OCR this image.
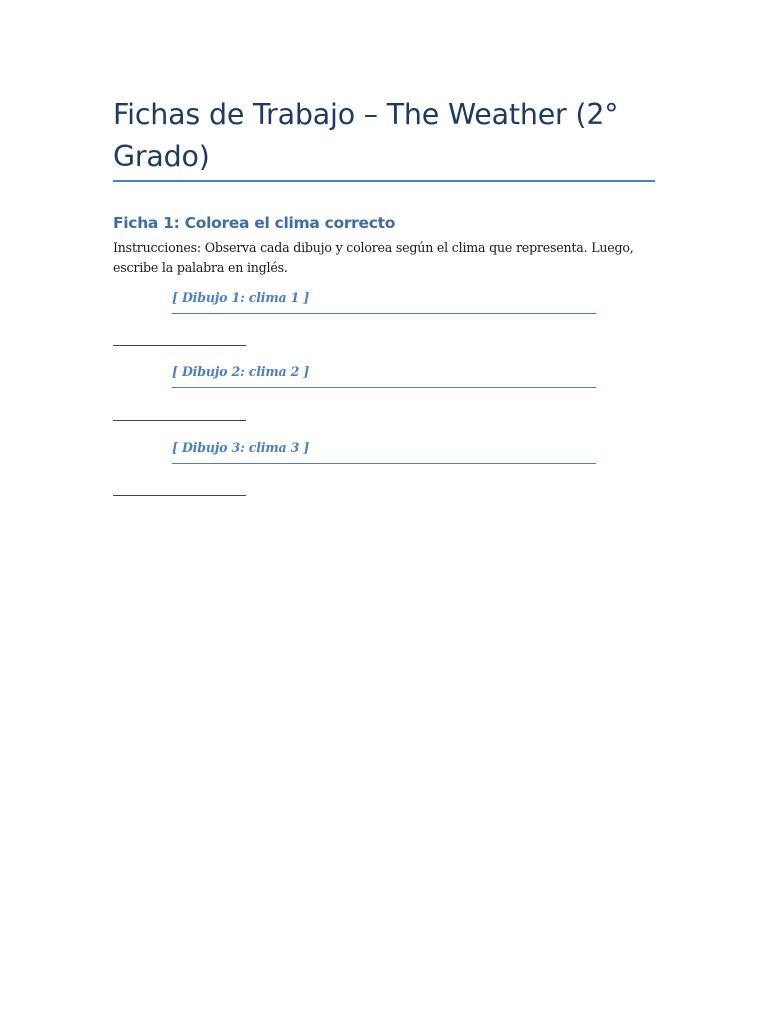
Fichas de Trabajo – The Weather (2° Grado)
Ficha 1: Colorea el clima correcto

Instrucciones: Observa cada dibujo y colorea según el clima que representa. Luego, escribe la palabra en inglés.

[ Dibujo 1: clima 1 ]
[ Dibujo 2: clima 2 ]
[ Dibujo 3: clima 3 ]
